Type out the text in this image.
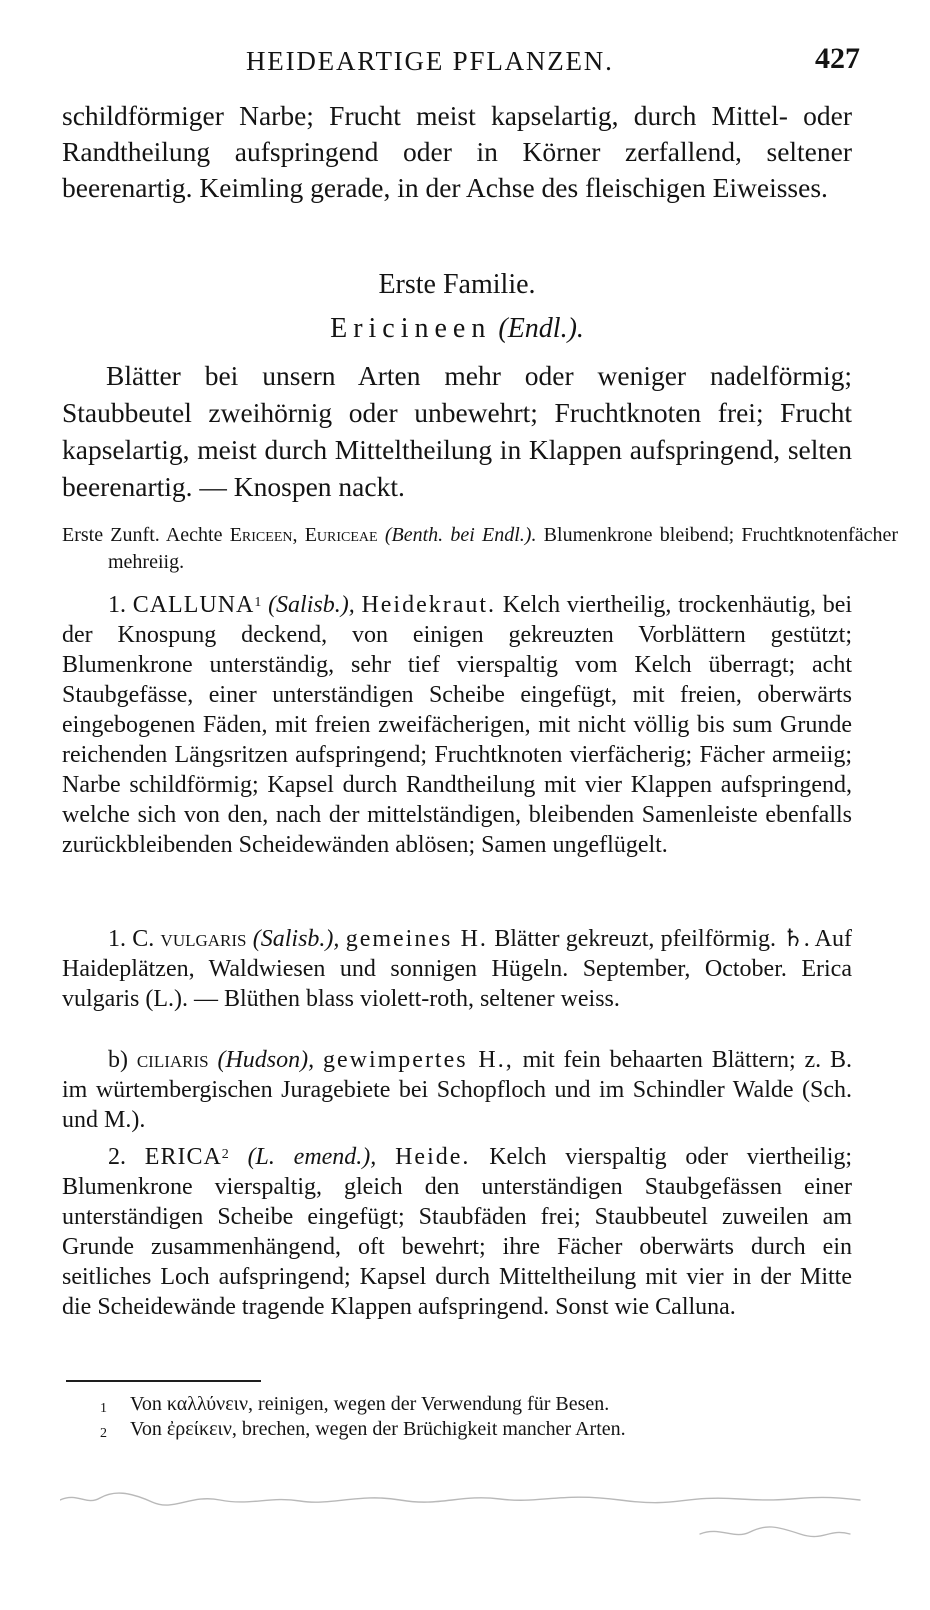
HEIDEARTIGE PFLANZEN.	427

schildförmiger Narbe; Frucht meist kapselartig, durch Mittel- oder Randtheilung aufspringend oder in Körner zerfallend, seltener beerenartig. Keimling gerade, in der Achse des fleischigen Eiweisses.

Erste Familie.
Ericineen (Endl.).

Blätter bei unsern Arten mehr oder weniger nadelförmig; Staubbeutel zweihörnig oder unbewehrt; Fruchtknoten frei; Frucht kapselartig, meist durch Mitteltheilung in Klappen aufspringend, selten beerenartig. — Knospen nackt.

Erste Zunft. Aechte Ericeen, Euriceae (Benth. bei Endl.). Blumenkrone bleibend; Fruchtknotenfächer mehreiig.

1. CALLUNA$^1$ (Salisb.), Heidekraut. Kelch viertheilig, trockenhäutig, bei der Knospung deckend, von einigen gekreuzten Vorblättern gestützt; Blumenkrone unterständig, sehr tief vierspaltig vom Kelch überragt; acht Staubgefässe, einer unterständigen Scheibe eingefügt, mit freien, oberwärts eingebogenen Fäden, mit freien zweifächerigen, mit nicht völlig bis sum Grunde reichenden Längsritzen aufspringend; Fruchtknoten vierfächerig; Fächer armeiig; Narbe schildförmig; Kapsel durch Randtheilung mit vier Klappen aufspringend, welche sich von den, nach der mittelständigen, bleibenden Samenleiste ebenfalls zurückbleibenden Scheidewänden ablösen; Samen ungeflügelt.

1. C. vulgaris (Salisb.), gemeines H. Blätter gekreuzt, pfeilförmig. ♄. Auf Haideplätzen, Waldwiesen und sonnigen Hügeln. September, October. Erica vulgaris (L.). — Blüthen blass violett-roth, seltener weiss.

b) ciliaris (Hudson), gewimpertes H., mit fein behaarten Blättern; z. B. im würtembergischen Juragebiete bei Schopfloch und im Schindler Walde (Sch. und M.).

2. ERICA$^2$ (L. emend.), Heide. Kelch vierspaltig oder viertheilig; Blumenkrone vierspaltig, gleich den unterständigen Staubgefässen einer unterständigen Scheibe eingefügt; Staubfäden frei; Staubbeutel zuweilen am Grunde zusammenhängend, oft bewehrt; ihre Fächer oberwärts durch ein seitliches Loch aufspringend; Kapsel durch Mitteltheilung mit vier in der Mitte die Scheidewände tragende Klappen aufspringend. Sonst wie Calluna.

1 Von καλλύνειν, reinigen, wegen der Verwendung für Besen.

2 Von ἐρείκειν, brechen, wegen der Brüchigkeit mancher Arten.
